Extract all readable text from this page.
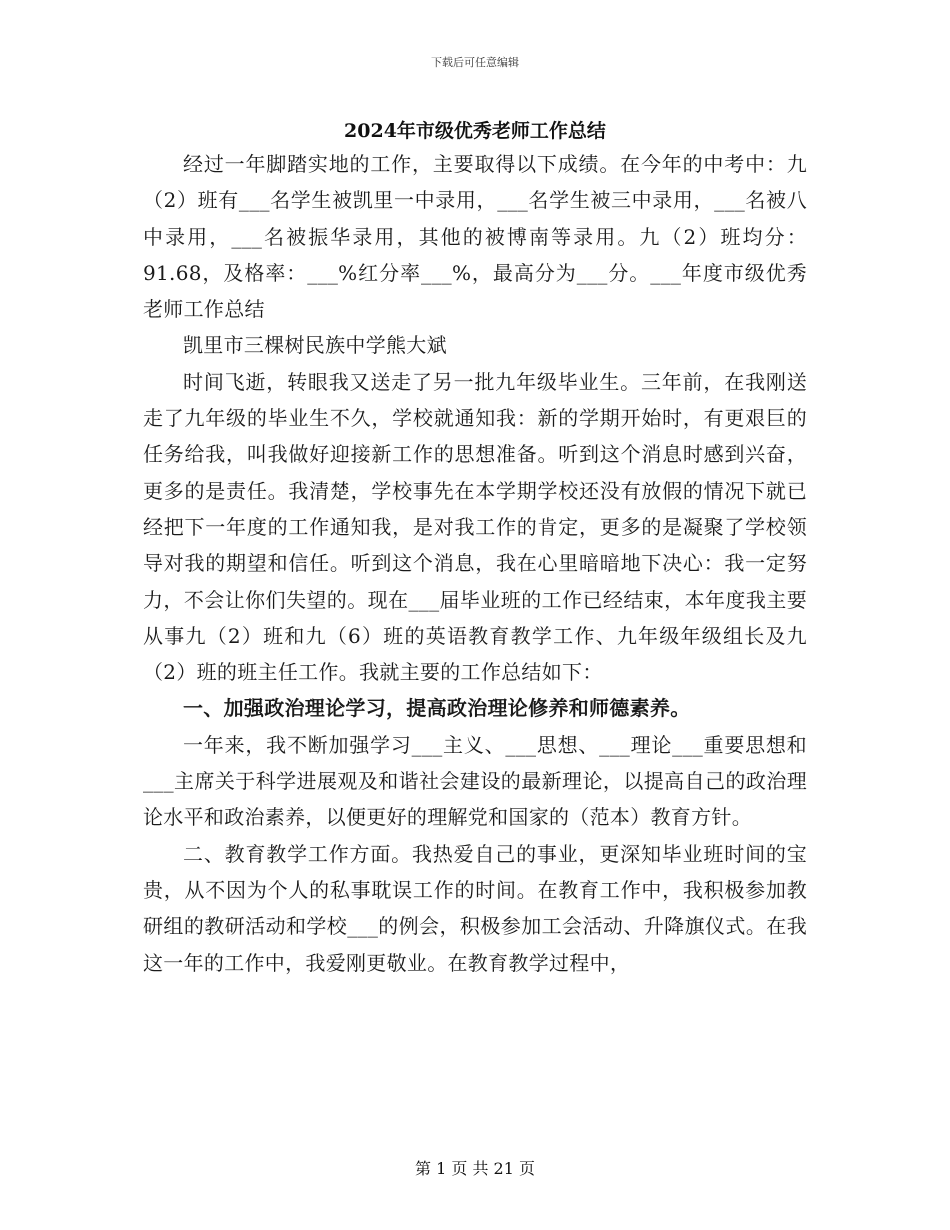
下载后可任意编辑
2024年市级优秀老师工作总结

经过一年脚踏实地的工作，主要取得以下成绩。在今年的中考中：九（2）班有___名学生被凯里一中录用，___名学生被三中录用，___名被八中录用，___名被振华录用，其他的被博南等录用。九（2）班均分：91.68，及格率：___%红分率___%，最高分为___分。___年度市级优秀老师工作总结

凯里市三棵树民族中学熊大斌

时间飞逝，转眼我又送走了另一批九年级毕业生。三年前，在我刚送走了九年级的毕业生不久，学校就通知我：新的学期开始时，有更艰巨的任务给我，叫我做好迎接新工作的思想准备。听到这个消息时感到兴奋，更多的是责任。我清楚，学校事先在本学期学校还没有放假的情况下就已经把下一年度的工作通知我，是对我工作的肯定，更多的是凝聚了学校领导对我的期望和信任。听到这个消息，我在心里暗暗地下决心：我一定努力，不会让你们失望的。现在___届毕业班的工作已经结束，本年度我主要从事九（2）班和九（6）班的英语教育教学工作、九年级年级组长及九（2）班的班主任工作。我就主要的工作总结如下：

一、加强政治理论学习，提高政治理论修养和师德素养。

一年来，我不断加强学习___主义、___思想、___理论___重要思想和___主席关于科学进展观及和谐社会建设的最新理论，以提高自己的政治理论水平和政治素养，以便更好的理解党和国家的（范本）教育方针。

二、教育教学工作方面。我热爱自己的事业，更深知毕业班时间的宝贵，从不因为个人的私事耽误工作的时间。在教育工作中，我积极参加教研组的教研活动和学校___的例会，积极参加工会活动、升降旗仪式。在我这一年的工作中，我爱刚更敬业。在教育教学过程中，

第 1 页 共 21 页
